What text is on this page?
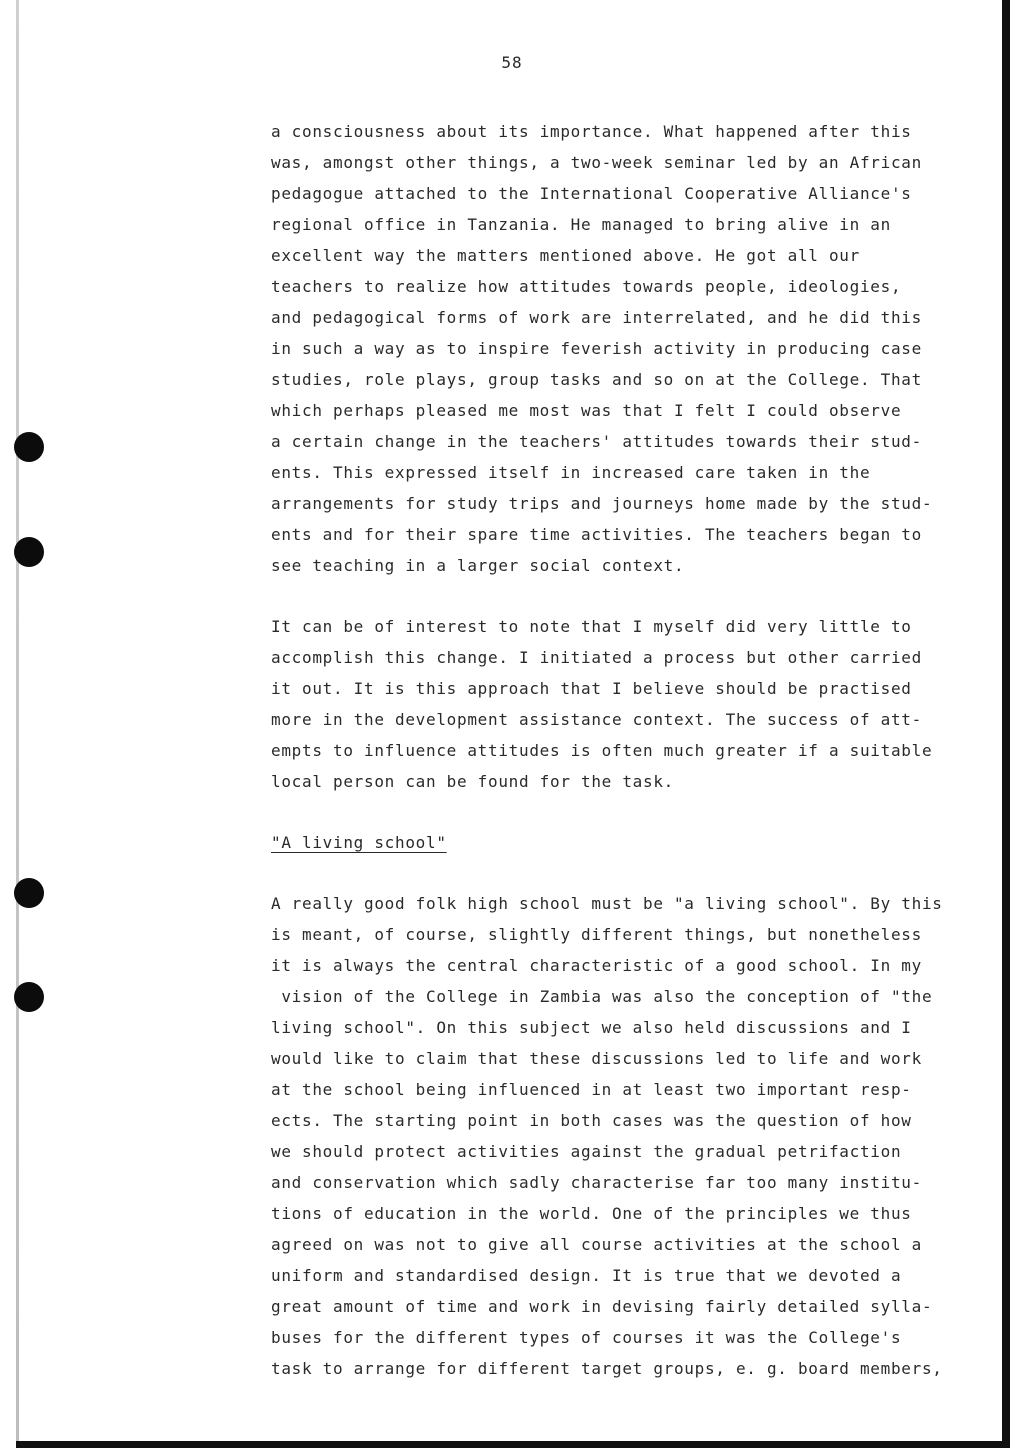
58
a consciousness about its importance. What happened after this
was, amongst other things, a two-week seminar led by an African
pedagogue attached to the International Cooperative Alliance's
regional office in Tanzania. He managed to bring alive in an
excellent way the matters mentioned above. He got all our
teachers to realize how attitudes towards people, ideologies,
and pedagogical forms of work are interrelated, and he did this
in such a way as to inspire feverish activity in producing case
studies, role plays, group tasks and so on at the College. That
which perhaps pleased me most was that I felt I could observe
a certain change in the teachers' attitudes towards their stud-
ents. This expressed itself in increased care taken in the
arrangements for study trips and journeys home made by the stud-
ents and for their spare time activities. The teachers began to
see teaching in a larger social context.
It can be of interest to note that I myself did very little to
accomplish this change. I initiated a process but other carried
it out. It is this approach that I believe should be practised
more in the development assistance context. The success of att-
empts to influence attitudes is often much greater if a suitable
local person can be found for the task.
"A living school"
A really good folk high school must be "a living school". By this
is meant, of course, slightly different things, but nonetheless
it is always the central characteristic of a good school. In my
vision of the College in Zambia was also the conception of "the
living school". On this subject we also held discussions and I
would like to claim that these discussions led to life and work
at the school being influenced in at least two important resp-
ects. The starting point in both cases was the question of how
we should protect activities against the gradual petrifaction
and conservation which sadly characterise far too many institu-
tions of education in the world. One of the principles we thus
agreed on was not to give all course activities at the school a
uniform and standardised design. It is true that we devoted a
great amount of time and work in devising fairly detailed sylla-
buses for the different types of courses it was the College's
task to arrange for different target groups, e. g. board members,
